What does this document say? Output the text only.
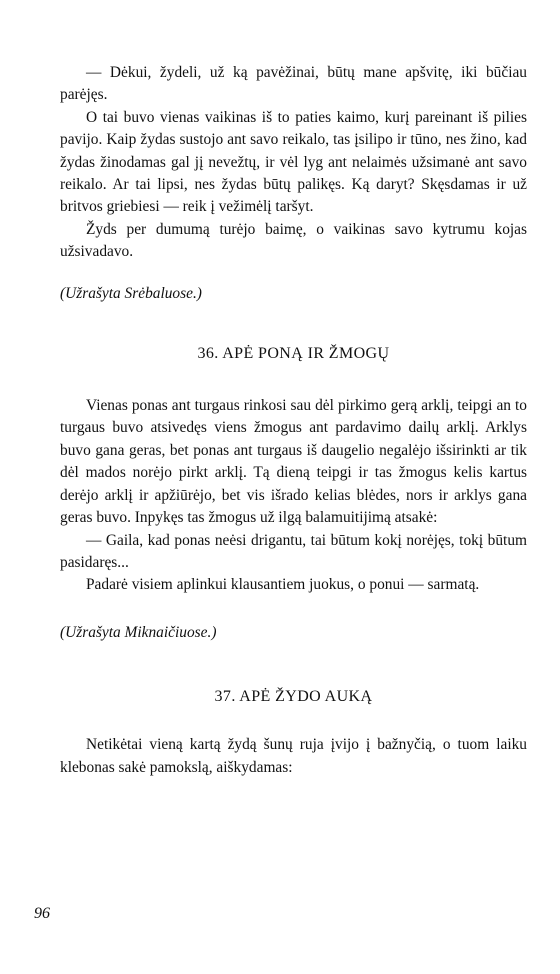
— Dėkui, žydeli, už ką pavėžinai, būtų mane apšvitę, iki būčiau parėjęs.

O tai buvo vienas vaikinas iš to paties kaimo, kurį pareinant iš pilies pavijo. Kaip žydas sustojo ant savo reikalo, tas įsilipo ir tūno, nes žino, kad žydas žinodamas gal jį nevežtų, ir vėl lyg ant nelaimės užsimanė ant savo reikalo. Ar tai lipsi, nes žydas būtų palikęs. Ką daryt? Skęsdamas ir už britvos griebiesi — reik į vežimėlį taršyt.

Žyds per dumumą turėjo baimę, o vaikinas savo kytrumu kojas užsivadavo.

(Užrašyta Srėbaluose.)

36. APĖ PONĄ IR ŽMOGŲ

Vienas ponas ant turgaus rinkosi sau dėl pirkimo gerą arklį, teipgi an to turgaus buvo atsivedęs viens žmogus ant pardavimo dailų arklį. Arklys buvo gana geras, bet ponas ant turgaus iš daugelio negalėjo išsirinkti ar tik dėl mados norėjo pirkt arklį. Tą dieną teipgi ir tas žmogus kelis kartus derėjo arklį ir apžiūrėjo, bet vis išrado kelias blėdes, nors ir arklys gana geras buvo. Inpykęs tas žmogus už ilgą balamuitijimą atsakė:

— Gaila, kad ponas neėsi drigantu, tai būtum kokį norėjęs, tokį būtum pasidaręs...

Padarė visiem aplinkui klausantiem juokus, o ponui — sarmatą.

(Užrašyta Miknaičiuose.)

37. APĖ ŽYDO AUKĄ

Netikėtai vieną kartą žydą šunų ruja įvijo į bažnyčią, o tuom laiku klebonas sakė pamokslą, aiškydamas:

96
